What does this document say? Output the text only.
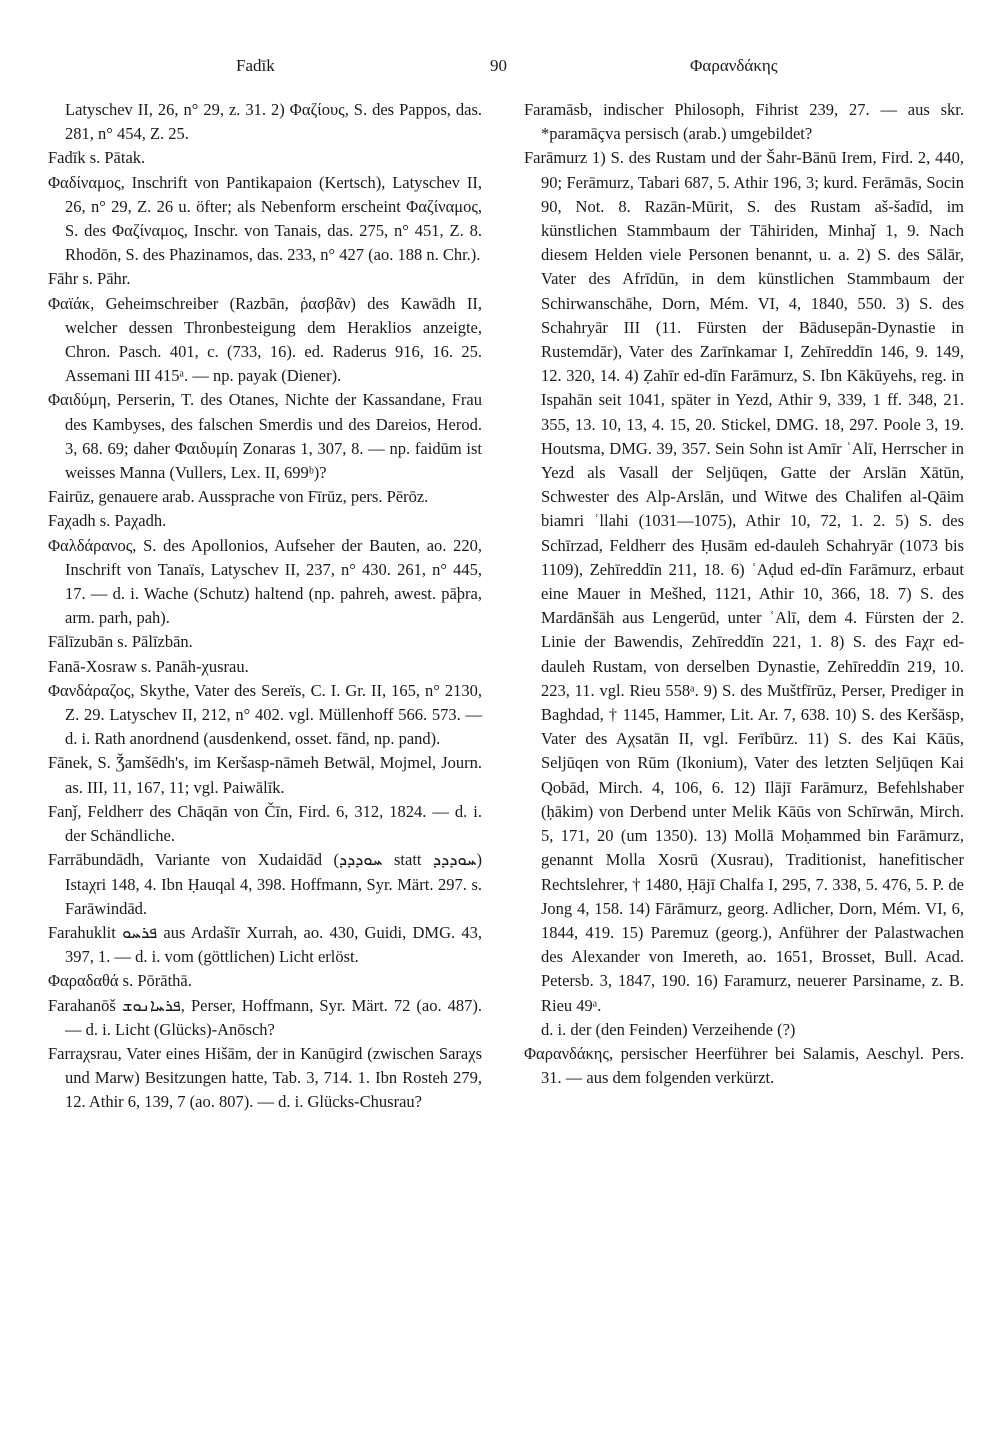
Fadīk	90	Φαρανδάκης

Latyschev II, 26, n° 29, z. 31. 2) Φαζίους, S. des Pappos, das. 281, n° 454, Z. 25.

Fadīk s. Pātak.

Φαδίναμος, Inschrift von Pantikapaion (Kertsch), Latyschev II, 26, n° 29, Z. 26 u. öfter; als Nebenform erscheint Φαζίναμος, S. des Φαζίναμος, Inschr. von Tanais, das. 275, n° 451, Z. 8. Rhodōn, S. des Phazinamos, das. 233, n° 427 (ao. 188 n. Chr.).

Fāhr s. Pāhr.

Φαϊάκ, Geheimschreiber (Razbān, ῥασβᾶν) des Kawādh II, welcher dessen Thronbesteigung dem Heraklios anzeigte, Chron. Pasch. 401, c. (733, 16). ed. Raderus 916, 16. 25. Assemani III 415ᵃ. — np. payak (Diener).

Φαιδύμη, Perserin, T. des Otanes, Nichte der Kassandane, Frau des Kambyses, des falschen Smerdis und des Dareios, Herod. 3, 68. 69; daher Φαιδυμίη Zonaras 1, 307, 8. — np. faidūm ist weisses Manna (Vullers, Lex. II, 699ᵇ)?

Fairūz, genauere arab. Aussprache von Fīrūz, pers. Pērōz.

Faχadh s. Paχadh.

Φαλδάρανος, S. des Apollonios, Aufseher der Bauten, ao. 220, Inschrift von Tanaïs, Latyschev II, 237, n° 430. 261, n° 445, 17. — d. i. Wache (Schutz) haltend (np. pahreh, awest. pāþra, arm. parh, pah).

Fālīzubān s. Pālīzbān.

Fanā-Xosraw s. Panāh-χusrau.

Φανδάραζος, Skythe, Vater des Sereïs, C. I. Gr. II, 165, n° 2130, Z. 29. Latyschev II, 212, n° 402. vgl. Müllenhoff 566. 573. — d. i. Rath anordnend (ausdenkend, osset. fānd, np. pand).

Fānek, S. Ǯamšēdh's, im Keršasp-nāmeh Betwāl, Mojmel, Journ. as. III, 11, 167, 11; vgl. Paiwālīk.

Fanǰ, Feldherr des Chāqān von Čīn, Fird. 6, 312, 1824. — d. i. der Schändliche.

Farrābundādh, Variante von Xudaidād (ܚܘܕܕܕ statt ܚܘܕܕܕ) Istaχri 148, 4. Ibn Ḥauqal 4, 398. Hoffmann, Syr. Märt. 297. s. Farāwindād.

Farahuklit ܦܪܚܘ aus Ardašīr Xurrah, ao. 430, Guidi, DMG. 43, 397, 1. — d. i. vom (göttlichen) Licht erlöst.

Φαραδαθά s. Pōrāthā.

Farahanōš ܦܪܚܐܢܘܫ, Perser, Hoffmann, Syr. Märt. 72 (ao. 487). — d. i. Licht (Glücks)-Anōsch?

Farraχsrau, Vater eines Hišām, der in Kanūgird (zwischen Saraχs und Marw) Besitzungen hatte, Tab. 3, 714. 1. Ibn Rosteh 279, 12. Athir 6, 139, 7 (ao. 807). — d. i. Glücks-Chusrau?

Faramāsb, indischer Philosoph, Fihrist 239, 27. — aus skr. *paramāçva persisch (arab.) umgebildet?

Farāmurz 1) S. des Rustam und der Šahr-Bānū Irem, Fird. 2, 440, 90; Ferāmurz, Tabari 687, 5. Athir 196, 3; kurd. Ferāmās, Socin 90, Not. 8. Razān-Mūrit, S. des Rustam aš-šadīd, im künstlichen Stammbaum der Tāhiriden, Minhaǰ 1, 9. Nach diesem Helden viele Personen benannt, u. a. 2) S. des Sālār, Vater des Afrīdūn, in dem künstlichen Stammbaum der Schirwanschāhe, Dorn, Mém. VI, 4, 1840, 550. 3) S. des Schahryār III (11. Fürsten der Bādusepān-Dynastie in Rustemdār), Vater des Zarīnkamar I, Zehīreddīn 146, 9. 149, 12. 320, 14. 4) Ẓahīr ed-dīn Farāmurz, S. Ibn Kākūyehs, reg. in Ispahān seit 1041, später in Yezd, Athir 9, 339, 1 ff. 348, 21. 355, 13. 10, 13, 4. 15, 20. Stickel, DMG. 18, 297. Poole 3, 19. Houtsma, DMG. 39, 357. Sein Sohn ist Amīr ʿAlī, Herrscher in Yezd als Vasall der Seljūqen, Gatte der Arslān Xātūn, Schwester des Alp-Arslān, und Witwe des Chalifen al-Qāim biamri ʾllahi (1031—1075), Athir 10, 72, 1. 2. 5) S. des Schīrzad, Feldherr des Ḥusām ed-dauleh Schahryār (1073 bis 1109), Zehīreddīn 211, 18. 6) ʿAḍud ed-dīn Farāmurz, erbaut eine Mauer in Mešhed, 1121, Athir 10, 366, 18. 7) S. des Mardānšāh aus Lengerūd, unter ʿAlī, dem 4. Fürsten der 2. Linie der Bawendis, Zehīreddīn 221, 1. 8) S. des Faχr ed-dauleh Rustam, von derselben Dynastie, Zehīreddīn 219, 10. 223, 11. vgl. Rieu 558ᵃ. 9) S. des Muštfīrūz, Perser, Prediger in Baghdad, † 1145, Hammer, Lit. Ar. 7, 638. 10) S. des Keršāsp, Vater des Aχsatān II, vgl. Ferībūrz. 11) S. des Kai Kāūs, Seljūqen von Rūm (Ikonium), Vater des letzten Seljūqen Kai Qobād, Mirch. 4, 106, 6. 12) Ilājī Farāmurz, Befehlshaber (ḥākim) von Derbend unter Melik Kāūs von Schīrwān, Mirch. 5, 171, 20 (um 1350). 13) Mollā Moḥammed bin Farāmurz, genannt Molla Xosrū (Xusrau), Traditionist, hanefitischer Rechtslehrer, † 1480, Ḥājī Chalfa I, 295, 7. 338, 5. 476, 5. P. de Jong 4, 158. 14) Fārāmurz, georg. Adlicher, Dorn, Mém. VI, 6, 1844, 419. 15) Paremuz (georg.), Anführer der Palastwachen des Alexander von Imereth, ao. 1651, Brosset, Bull. Acad. Petersb. 3, 1847, 190. 16) Faramurz, neuerer Parsiname, z. B. Rieu 49ᵃ.

d. i. der (den Feinden) Verzeihende (?)

Φαρανδάκης, persischer Heerführer bei Salamis, Aeschyl. Pers. 31. — aus dem folgenden verkürzt.
